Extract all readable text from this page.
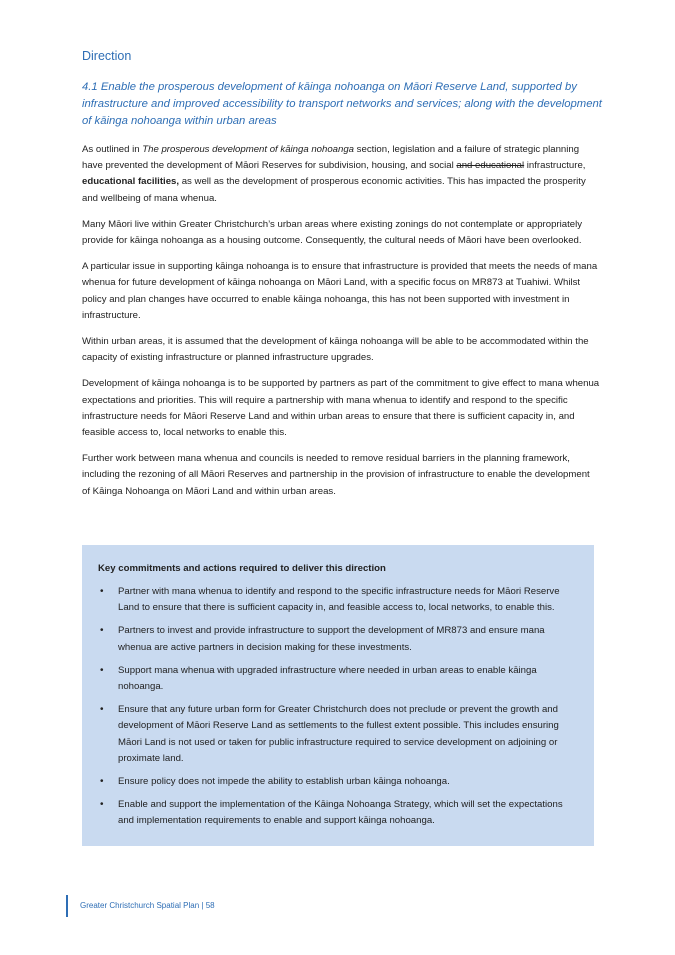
Direction
4.1 Enable the prosperous development of kāinga nohoanga on Māori Reserve Land, supported by infrastructure and improved accessibility to transport networks and services; along with the development of kāinga nohoanga within urban areas

As outlined in The prosperous development of kāinga nohoanga section, legislation and a failure of strategic planning have prevented the development of Māori Reserves for subdivision, housing, and social and educational infrastructure, educational facilities, as well as the development of prosperous economic activities. This has impacted the prosperity and wellbeing of mana whenua.

Many Māori live within Greater Christchurch’s urban areas where existing zonings do not contemplate or appropriately provide for kāinga nohoanga as a housing outcome. Consequently, the cultural needs of Māori have been overlooked.

A particular issue in supporting kāinga nohoanga is to ensure that infrastructure is provided that meets the needs of mana whenua for future development of kāinga nohoanga on Māori Land, with a specific focus on MR873 at Tuahiwi. Whilst policy and plan changes have occurred to enable kāinga nohoanga, this has not been supported with investment in infrastructure.

Within urban areas, it is assumed that the development of kāinga nohoanga will be able to be accommodated within the capacity of existing infrastructure or planned infrastructure upgrades.

Development of kāinga nohoanga is to be supported by partners as part of the commitment to give effect to mana whenua expectations and priorities. This will require a partnership with mana whenua to identify and respond to the specific infrastructure needs for Māori Reserve Land and within urban areas to ensure that there is sufficient capacity in, and feasible access to, local networks to enable this.

Further work between mana whenua and councils is needed to remove residual barriers in the planning framework, including the rezoning of all Māori Reserves and partnership in the provision of infrastructure to enable the development of Kāinga Nohoanga on Māori Land and within urban areas.

Key commitments and actions required to deliver this direction
• Partner with mana whenua to identify and respond to the specific infrastructure needs for Māori Reserve Land to ensure that there is sufficient capacity in, and feasible access to, local networks, to enable this.
• Partners to invest and provide infrastructure to support the development of MR873 and ensure mana whenua are active partners in decision making for these investments.
• Support mana whenua with upgraded infrastructure where needed in urban areas to enable kāinga nohoanga.
• Ensure that any future urban form for Greater Christchurch does not preclude or prevent the growth and development of Māori Reserve Land as settlements to the fullest extent possible. This includes ensuring Māori Land is not used or taken for public infrastructure required to service development on adjoining or proximate land.
• Ensure policy does not impede the ability to establish urban kāinga nohoanga.
• Enable and support the implementation of the Kāinga Nohoanga Strategy, which will set the expectations and implementation requirements to enable and support kāinga nohoanga.
Greater Christchurch Spatial Plan | 58
